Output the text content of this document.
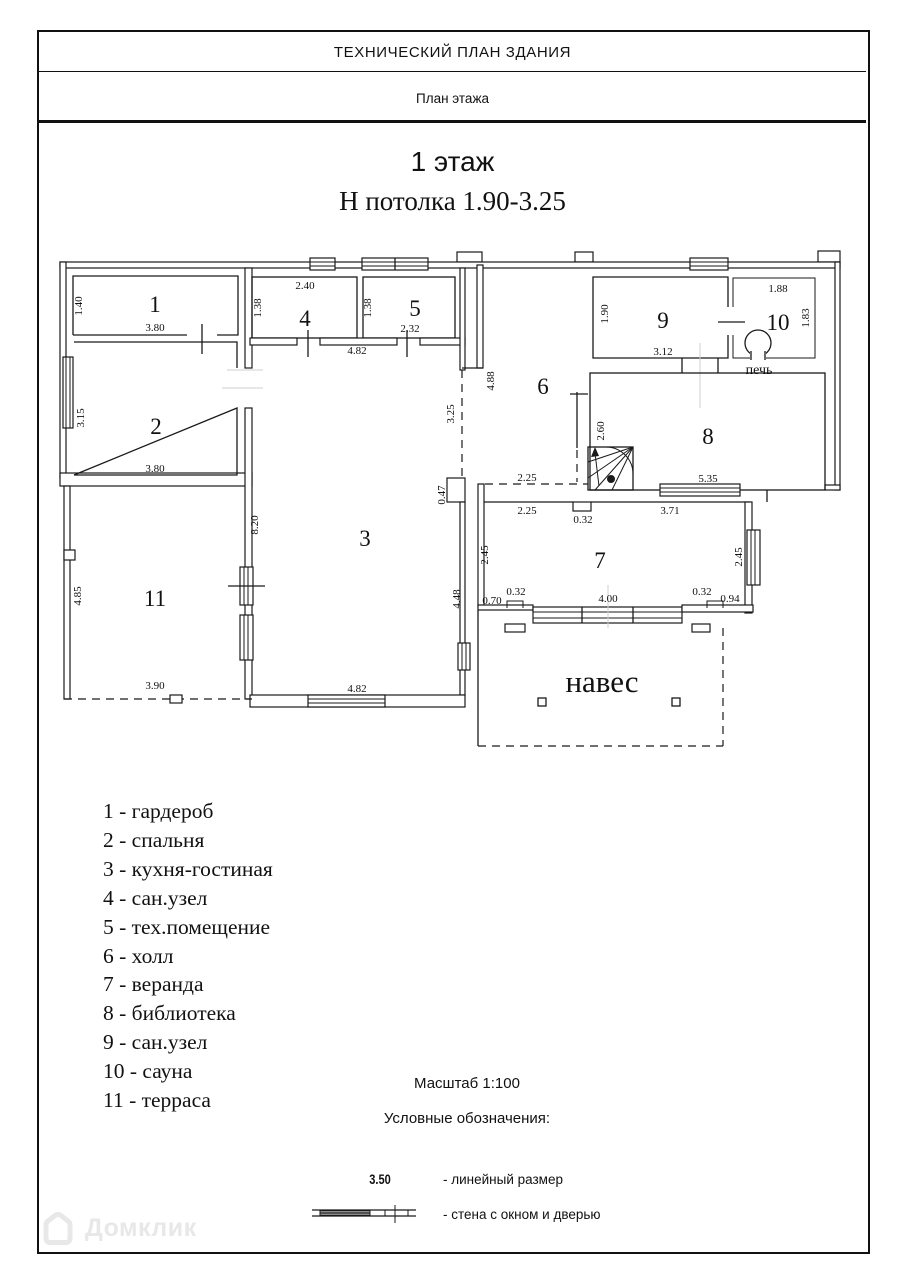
ТЕХНИЧЕСКИЙ ПЛАН ЗДАНИЯ
План этажа
1 этаж
Н потолка 1.90-3.25
1
2
3
4	5
6
7
8
9	10
11
1.40
3.80
3.15
3.80
2.40
1.38	1.38
2.32
4.82
8.20
4.82
3.25
0.47
4.48
4.88
2.25
1.90
3.12
1.88
1.83
2.60
5.35
2.25
0.32
3.71
2.45	2.45
0.70
0.32
4.00
0.32
0.94
4.85
3.90
печь
навес
1 - гардероб
2 - спальня
3 - кухня-гостиная
4 - сан.узел
5 - тех.помещение
6 - холл
7 - веранда
8 - библиотека
9 - сан.узел
10 - сауна
11 - терраса
Масштаб 1:100
Условные обозначения:
3.50	- линейный размер
- стена с окном и дверью
Домклик
